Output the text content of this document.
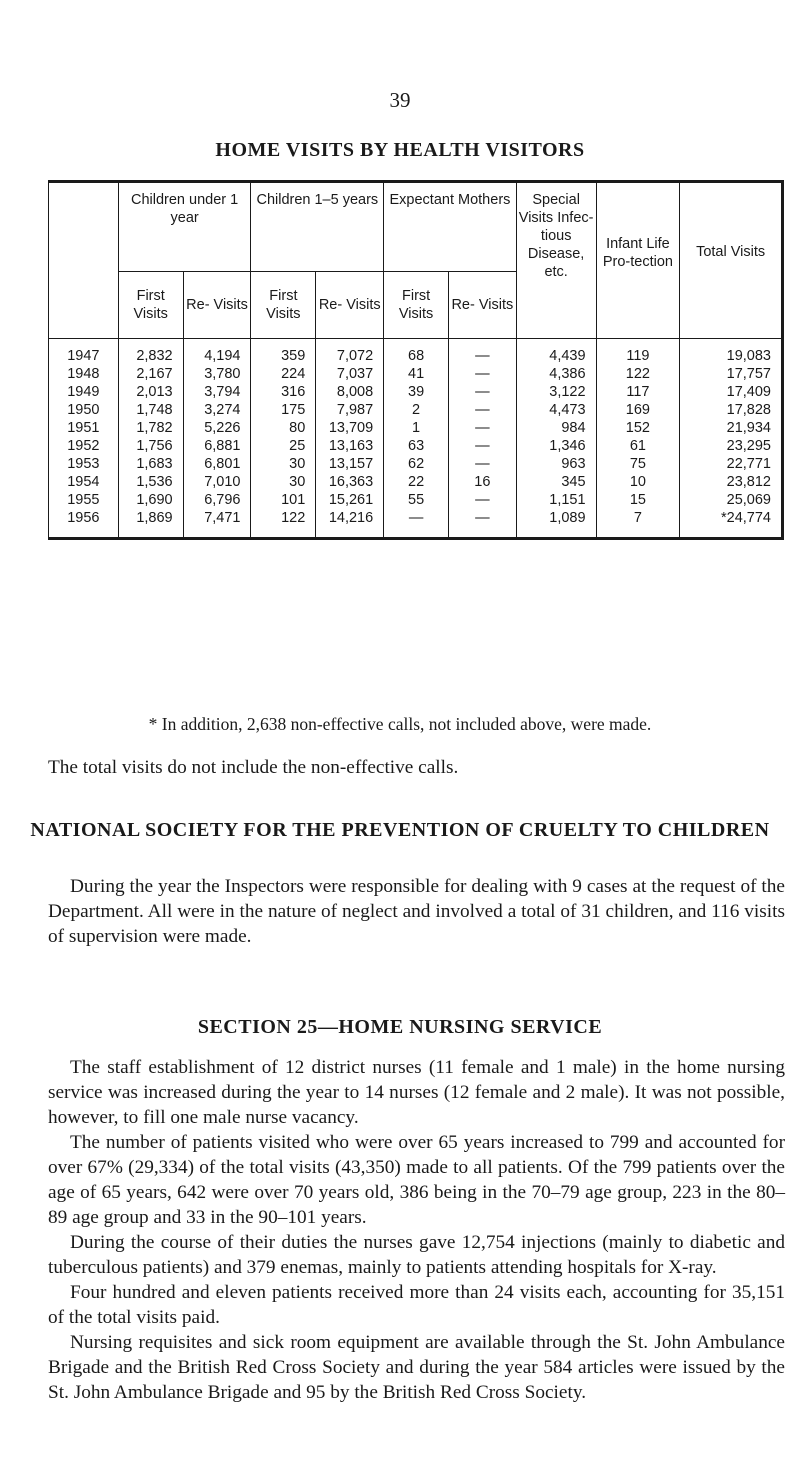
39
HOME VISITS BY HEALTH VISITORS
	Children under 1 year		Children 1–5 years		Expectant Mothers		Special Visits Infec-tious Disease, etc.	Infant Life Pro-tection	Total Visits
	First Visits	Re- Visits	First Visits	Re- Visits	First Visits	Re- Visits			
1947	2,832	4,194	359	7,072	68	—	4,439	119	19,083
1948	2,167	3,780	224	7,037	41	—	4,386	122	17,757
1949	2,013	3,794	316	8,008	39	—	3,122	117	17,409
1950	1,748	3,274	175	7,987	2	—	4,473	169	17,828
1951	1,782	5,226	80	13,709	1	—	984	152	21,934
1952	1,756	6,881	25	13,163	63	—	1,346	61	23,295
1953	1,683	6,801	30	13,157	62	—	963	75	22,771
1954	1,536	7,010	30	16,363	22	16	345	10	23,812
1955	1,690	6,796	101	15,261	55	—	1,151	15	25,069
1956	1,869	7,471	122	14,216	—	—	1,089	7	*24,774
* In addition, 2,638 non-effective calls, not included above, were made.
The total visits do not include the non-effective calls.
NATIONAL SOCIETY FOR THE PREVENTION OF CRUELTY TO CHILDREN

During the year the Inspectors were responsible for dealing with 9 cases at the request of the Department. All were in the nature of neglect and involved a total of 31 children, and 116 visits of supervision were made.

SECTION 25—HOME NURSING SERVICE

The staff establishment of 12 district nurses (11 female and 1 male) in the home nursing service was increased during the year to 14 nurses (12 female and 2 male). It was not possible, however, to fill one male nurse vacancy.

The number of patients visited who were over 65 years increased to 799 and accounted for over 67% (29,334) of the total visits (43,350) made to all patients. Of the 799 patients over the age of 65 years, 642 were over 70 years old, 386 being in the 70–79 age group, 223 in the 80–89 age group and 33 in the 90–101 years.

During the course of their duties the nurses gave 12,754 injections (mainly to diabetic and tuberculous patients) and 379 enemas, mainly to patients attending hospitals for X-ray.

Four hundred and eleven patients received more than 24 visits each, accounting for 35,151 of the total visits paid.

Nursing requisites and sick room equipment are available through the St. John Ambulance Brigade and the British Red Cross Society and during the year 584 articles were issued by the St. John Ambulance Brigade and 95 by the British Red Cross Society.
